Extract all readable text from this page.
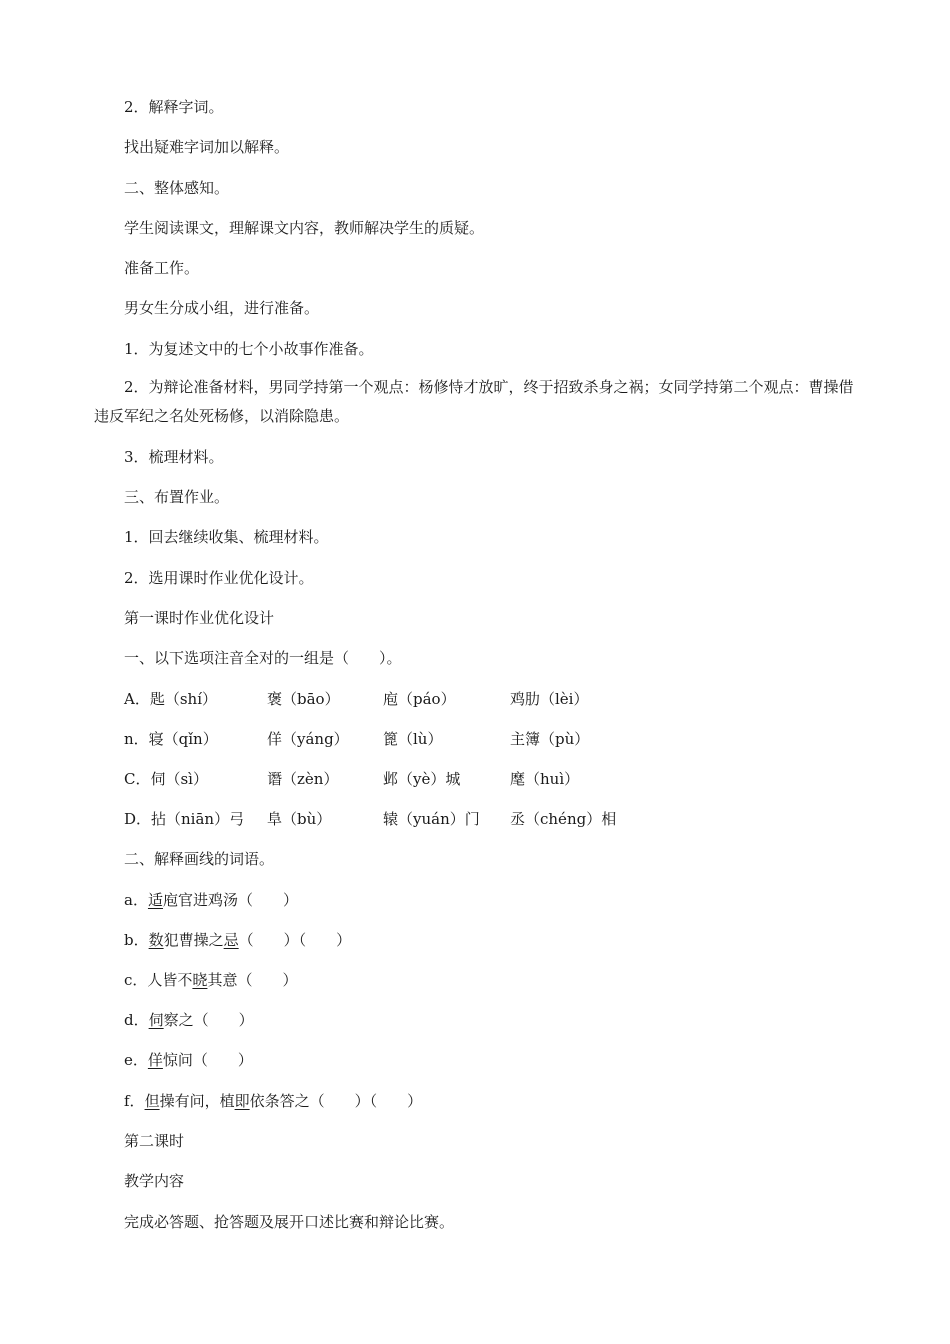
2．解释字词。
找出疑难字词加以解释。
二、整体感知。
学生阅读课文，理解课文内容，教师解决学生的质疑。
准备工作。
男女生分成小组，进行准备。
1．为复述文中的七个小故事作准备。
2．为辩论准备材料，男同学持第一个观点：杨修恃才放旷，终于招致杀身之祸；女同学持第二个观点：曹操借违反军纪之名处死杨修，以消除隐患。
3．梳理材料。
三、布置作业。
1．回去继续收集、梳理材料。
2．选用课时作业优化设计。
第一课时作业优化设计
一、以下选项注音全对的一组是（　　）。
A．匙（shí）	褒（bāo）	庖（páo）	鸡肋（lèi）
n．寝（qǐn）	佯（yáng） 篦（lù）	主簿（pù）
C．伺（sì）	谮（zèn）	邺（yè）城	麾（huì）
D．拈（niān）弓 阜（bù）	辕（yuán）门 丞（chéng）相
二、解释画线的词语。
a．适庖官进鸡汤（　　）
b．数犯曹操之忌（　　）（　　）
c．人皆不晓其意（　　）
d．伺察之（　　）
e．佯惊问（　　）
f．但操有问，植即依条答之（　　）（　　）
第二课时
教学内容
完成必答题、抢答题及展开口述比赛和辩论比赛。
